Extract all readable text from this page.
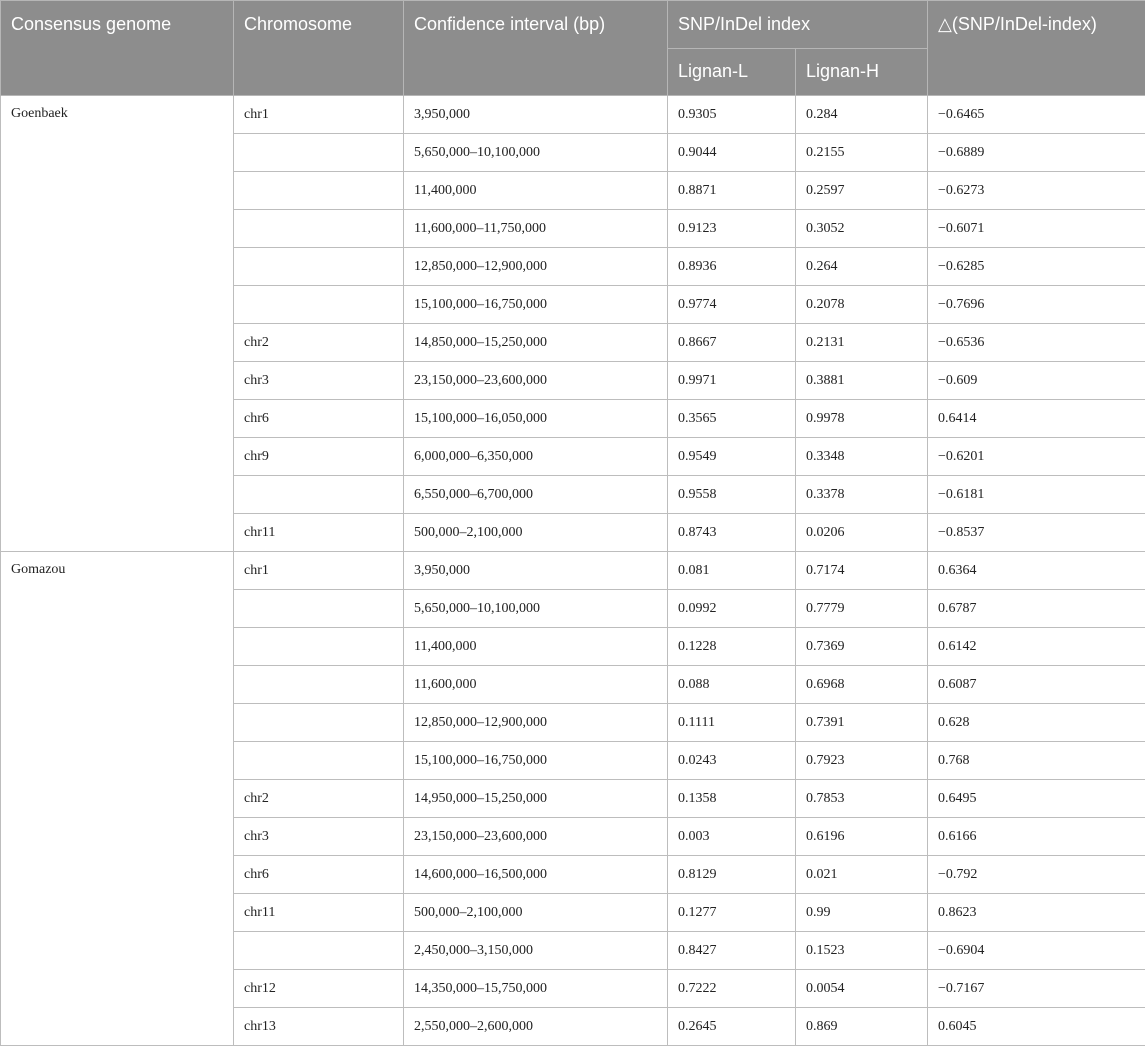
Consensus genome	Chromosome	Confidence interval (bp)	SNP/InDel index		△(SNP/InDel-index)
			Lignan-L	Lignan-H	
Goenbaek	chr1	3,950,000	0.9305	0.284	−0.6465
		5,650,000–10,100,000	0.9044	0.2155	−0.6889
		11,400,000	0.8871	0.2597	−0.6273
		11,600,000–11,750,000	0.9123	0.3052	−0.6071
		12,850,000–12,900,000	0.8936	0.264	−0.6285
		15,100,000–16,750,000	0.9774	0.2078	−0.7696
	chr2	14,850,000–15,250,000	0.8667	0.2131	−0.6536
	chr3	23,150,000–23,600,000	0.9971	0.3881	−0.609
	chr6	15,100,000–16,050,000	0.3565	0.9978	0.6414
	chr9	6,000,000–6,350,000	0.9549	0.3348	−0.6201
		6,550,000–6,700,000	0.9558	0.3378	−0.6181
	chr11	500,000–2,100,000	0.8743	0.0206	−0.8537
Gomazou	chr1	3,950,000	0.081	0.7174	0.6364
		5,650,000–10,100,000	0.0992	0.7779	0.6787
		11,400,000	0.1228	0.7369	0.6142
		11,600,000	0.088	0.6968	0.6087
		12,850,000–12,900,000	0.1111	0.7391	0.628
		15,100,000–16,750,000	0.0243	0.7923	0.768
	chr2	14,950,000–15,250,000	0.1358	0.7853	0.6495
	chr3	23,150,000–23,600,000	0.003	0.6196	0.6166
	chr6	14,600,000–16,500,000	0.8129	0.021	−0.792
	chr11	500,000–2,100,000	0.1277	0.99	0.8623
		2,450,000–3,150,000	0.8427	0.1523	−0.6904
	chr12	14,350,000–15,750,000	0.7222	0.0054	−0.7167
	chr13	2,550,000–2,600,000	0.2645	0.869	0.6045
